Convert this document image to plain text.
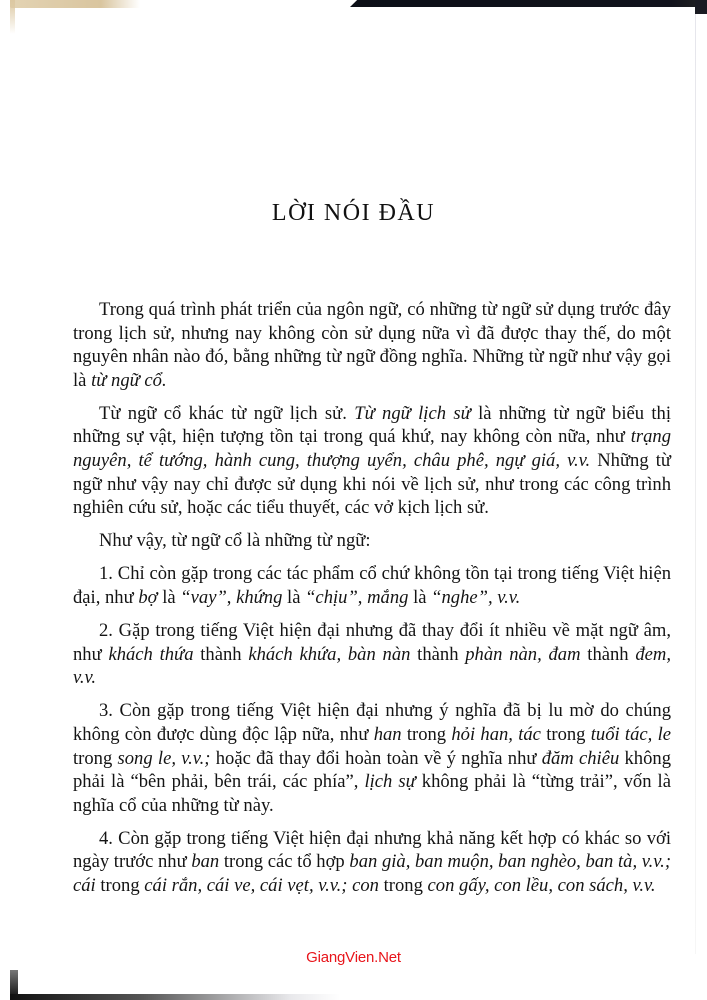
LỜI NÓI ĐẦU

Trong quá trình phát triển của ngôn ngữ, có những từ ngữ sử dụng trước đây trong lịch sử, nhưng nay không còn sử dụng nữa vì đã được thay thế, do một nguyên nhân nào đó, bằng những từ ngữ đồng nghĩa. Những từ ngữ như vậy gọi là từ ngữ cổ.

Từ ngữ cổ khác từ ngữ lịch sử. Từ ngữ lịch sử là những từ ngữ biểu thị những sự vật, hiện tượng tồn tại trong quá khứ, nay không còn nữa, như trạng nguyên, tể tướng, hành cung, thượng uyển, châu phê, ngự giá, v.v. Những từ ngữ như vậy nay chỉ được sử dụng khi nói về lịch sử, như trong các công trình nghiên cứu sử, hoặc các tiểu thuyết, các vở kịch lịch sử.

Như vậy, từ ngữ cổ là những từ ngữ:

1. Chỉ còn gặp trong các tác phẩm cổ chứ không tồn tại trong tiếng Việt hiện đại, như bợ là “vay”, khứng là “chịu”, mắng là “nghe”, v.v.

2. Gặp trong tiếng Việt hiện đại nhưng đã thay đổi ít nhiều về mặt ngữ âm, như khách thứa thành khách khứa, bàn nàn thành phàn nàn, đam thành đem, v.v.

3. Còn gặp trong tiếng Việt hiện đại nhưng ý nghĩa đã bị lu mờ do chúng không còn được dùng độc lập nữa, như han trong hỏi han, tác trong tuổi tác, le trong song le, v.v.; hoặc đã thay đổi hoàn toàn về ý nghĩa như đăm chiêu không phải là “bên phải, bên trái, các phía”, lịch sự không phải là “từng trải”, vốn là nghĩa cổ của những từ này.

4. Còn gặp trong tiếng Việt hiện đại nhưng khả năng kết hợp có khác so với ngày trước như ban trong các tổ hợp ban già, ban muộn, ban nghèo, ban tà, v.v.; cái trong cái rắn, cái ve, cái vẹt, v.v.; con trong con gấy, con lều, con sách, v.v.

GiangVien.Net
